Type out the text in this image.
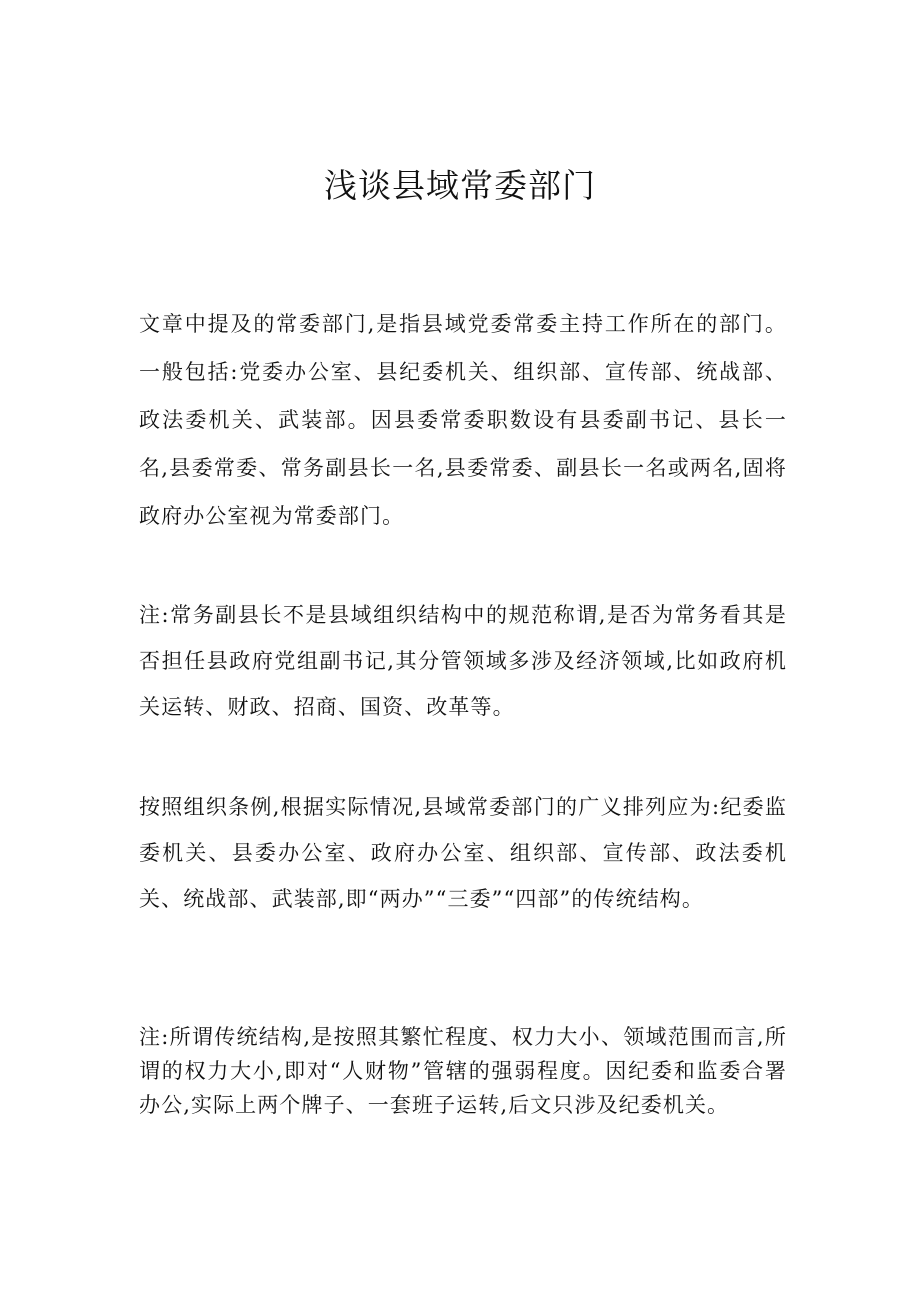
浅谈县域常委部门

文章中提及的常委部门,是指县域党委常委主持工作所在的部门。一般包括:党委办公室、县纪委机关、组织部、宣传部、统战部、政法委机关、武装部。因县委常委职数设有县委副书记、县长一名,县委常委、常务副县长一名,县委常委、副县长一名或两名,固将政府办公室视为常委部门。

注:常务副县长不是县域组织结构中的规范称谓,是否为常务看其是否担任县政府党组副书记,其分管领域多涉及经济领域,比如政府机关运转、财政、招商、国资、改革等。

按照组织条例,根据实际情况,县域常委部门的广义排列应为:纪委监委机关、县委办公室、政府办公室、组织部、宣传部、政法委机关、统战部、武装部,即“两办”“三委”“四部”的传统结构。

注:所谓传统结构,是按照其繁忙程度、权力大小、领域范围而言,所谓的权力大小,即对“人财物”管辖的强弱程度。因纪委和监委合署办公,实际上两个牌子、一套班子运转,后文只涉及纪委机关。
